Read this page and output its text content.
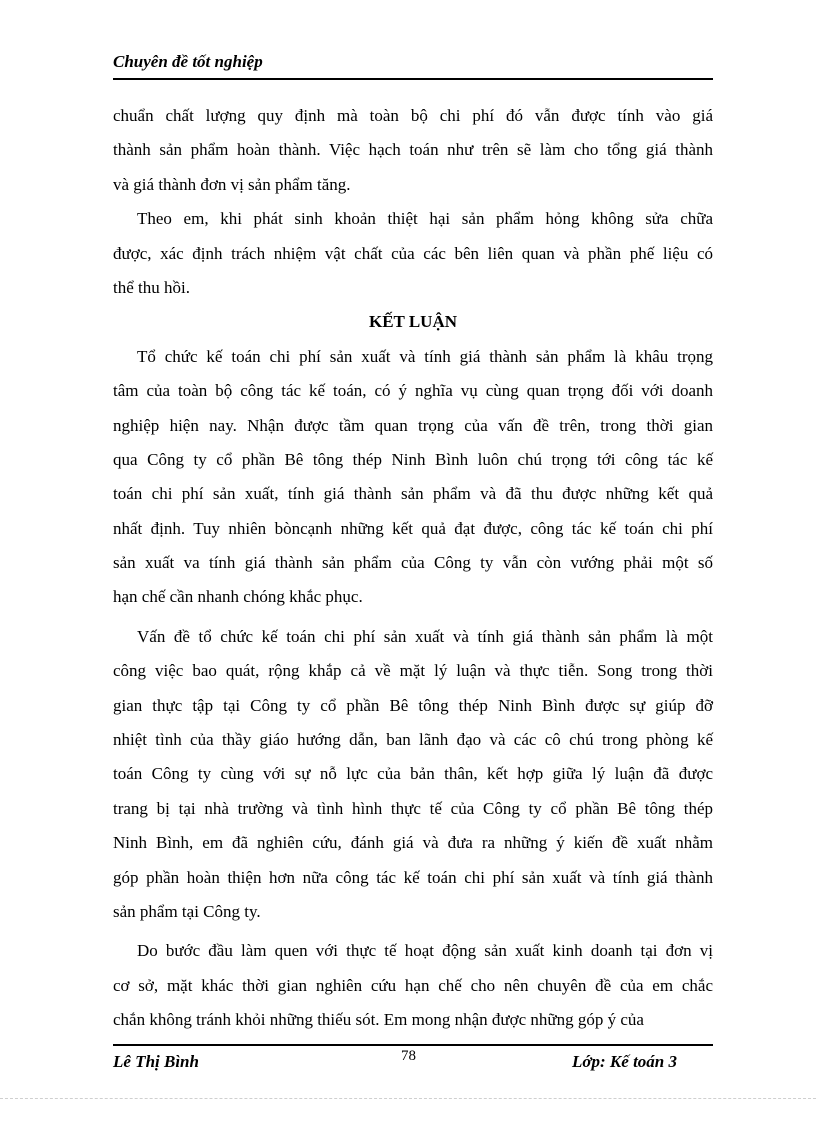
Chuyên đề tốt nghiệp
chuẩn chất lượng quy định mà toàn bộ chi phí đó vẫn được tính vào giá
thành sản phẩm hoàn thành. Việc hạch toán như trên sẽ làm cho tổng giá thành
và giá thành đơn vị sản phẩm tăng.
Theo em, khi phát sinh khoản thiệt hại sản phẩm hỏng không sửa chữa
được, xác định trách nhiệm vật chất của các bên liên quan và phần phế liệu có
thể thu hồi.
KẾT LUẬN
Tổ chức kế toán chi phí sản xuất và tính giá thành sản phẩm là khâu trọng
tâm của toàn bộ công tác kế toán, có ý nghĩa vụ cùng quan trọng đối với doanh
nghiệp hiện nay. Nhận được tầm quan trọng của vấn đề trên, trong thời gian
qua Công ty cổ phần Bê tông thép Ninh Bình luôn chú trọng tới công tác kế
toán chi phí sản xuất, tính giá thành sản phẩm và đã thu được những kết quả
nhất định. Tuy nhiên bòncạnh những kết quả đạt được, công tác kế toán chi phí
sản xuất va tính giá thành sản phẩm của Công ty vẫn còn vướng phải một số
hạn chế cần nhanh chóng khắc phục.
Vấn đề tổ chức kế toán chi phí sản xuất và tính giá thành sản phẩm là một
công việc bao quát, rộng khắp cả về mặt lý luận và thực tiễn. Song trong thời
gian thực tập tại Công ty cổ phần Bê tông thép Ninh Bình được sự giúp đỡ
nhiệt tình của thầy giáo hướng dẫn, ban lãnh đạo và các cô chú trong phòng kế
toán Công ty cùng với sự nỗ lực của bản thân, kết hợp giữa lý luận đã được
trang bị tại nhà trường và tình hình thực tế của Công ty cổ phần Bê tông thép
Ninh Bình, em đã nghiên cứu, đánh giá và đưa ra những ý kiến đề xuất nhằm
góp phần hoàn thiện hơn nữa công tác kế toán chi phí sản xuất và tính giá thành
sản phẩm tại Công ty.
Do bước đầu làm quen với thực tế hoạt động sản xuất kinh doanh tại đơn vị
cơ sở, mặt khác thời gian nghiên cứu hạn chế cho nên chuyên đề của em chắc
chắn không tránh khỏi những thiếu sót. Em mong nhận được những góp ý của
Lê Thị Bình	78	Lớp: Kế toán 3
